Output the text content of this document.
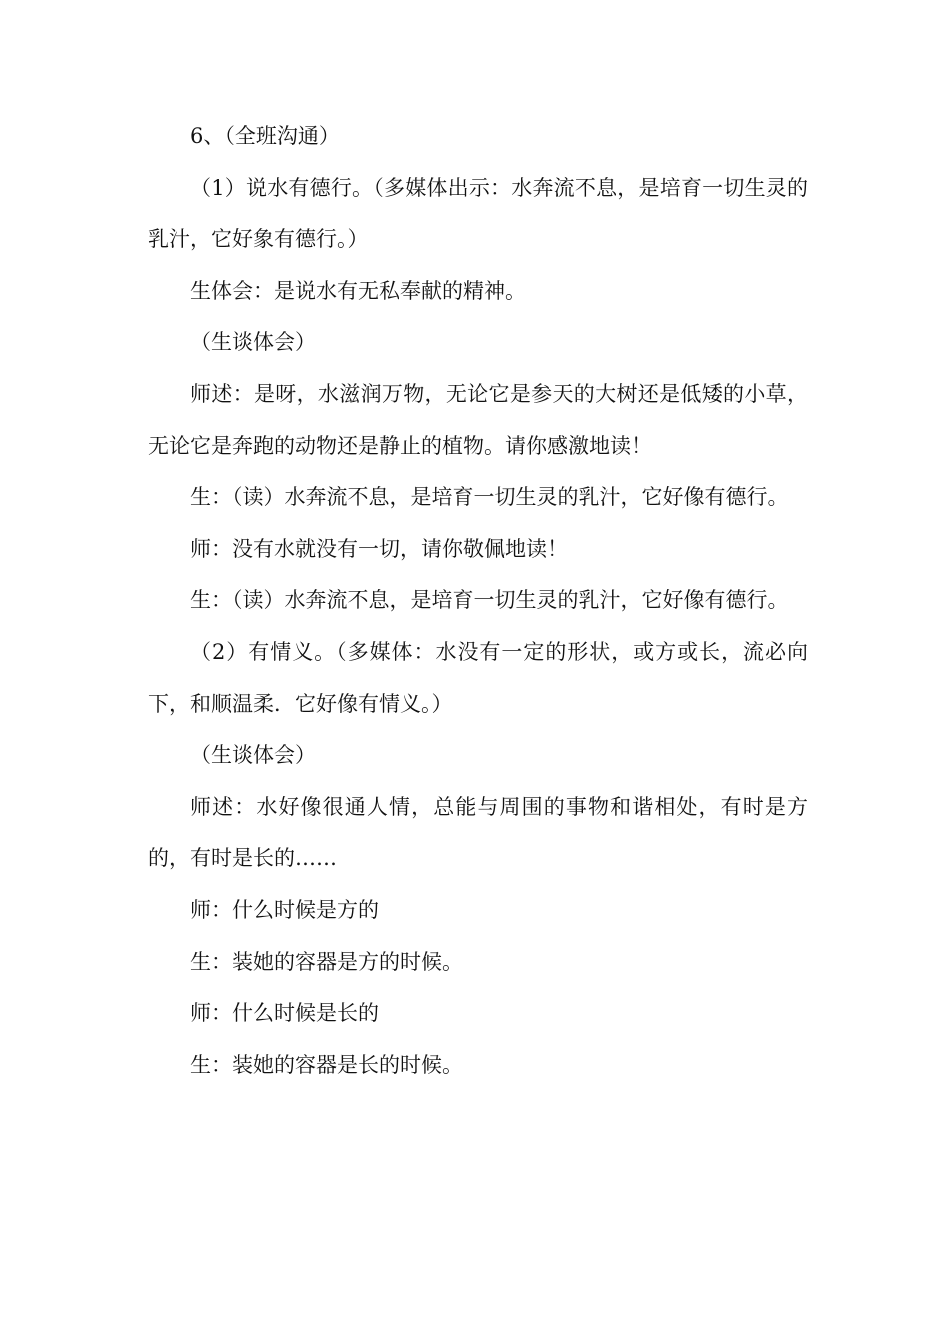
6、（全班沟通）

（1）说水有德行。（多媒体出示：水奔流不息，是培育一切生灵的乳汁，它好象有德行。）

生体会：是说水有无私奉献的精神。

（生谈体会）

师述：是呀，水滋润万物，无论它是参天的大树还是低矮的小草，无论它是奔跑的动物还是静止的植物。请你感激地读！

生：（读）水奔流不息，是培育一切生灵的乳汁，它好像有德行。

师：没有水就没有一切，请你敬佩地读！

生：（读）水奔流不息，是培育一切生灵的乳汁，它好像有德行。

（2）有情义。（多媒体：水没有一定的形状，或方或长，流必向下，和顺温柔．它好像有情义。）

（生谈体会）

师述：水好像很通人情，总能与周围的事物和谐相处，有时是方的，有时是长的……

师：什么时候是方的

生：装她的容器是方的时候。

师：什么时候是长的

生：装她的容器是长的时候。
